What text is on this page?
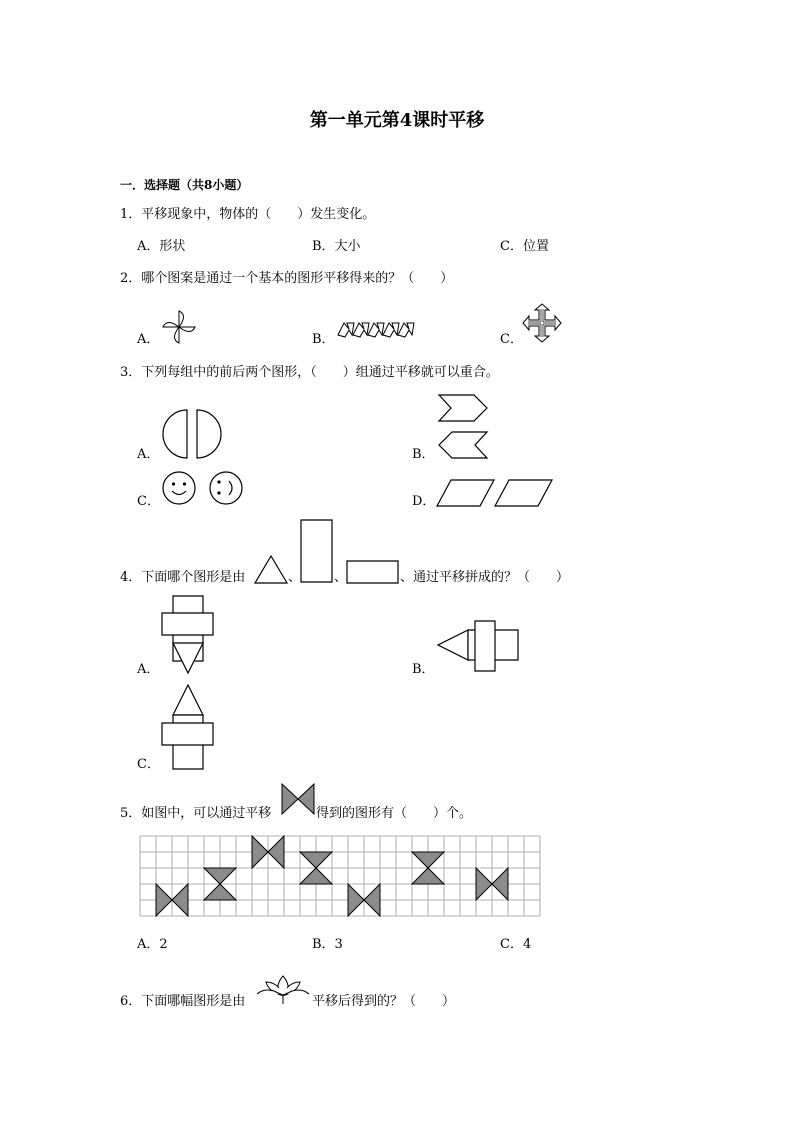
第一单元第4课时平移
一．选择题（共8小题）
1．平移现象中，物体的（　　）发生变化。
A．形状	B．大小	C．位置
2．哪个图案是通过一个基本的图形平移得来的？（　　）
A．	B．	C．
3．下列每组中的前后两个图形，（　　）组通过平移就可以重合。
A．	B．
C．	D．
4．下面哪个图形是由	、	、	、通过平移拼成的？（　　）
A．	B．
C．
5．如图中，可以通过平移	得到的图形有（　　）个。
A．2	B．3	C．4
6．下面哪幅图形是由	平移后得到的？（　　）
